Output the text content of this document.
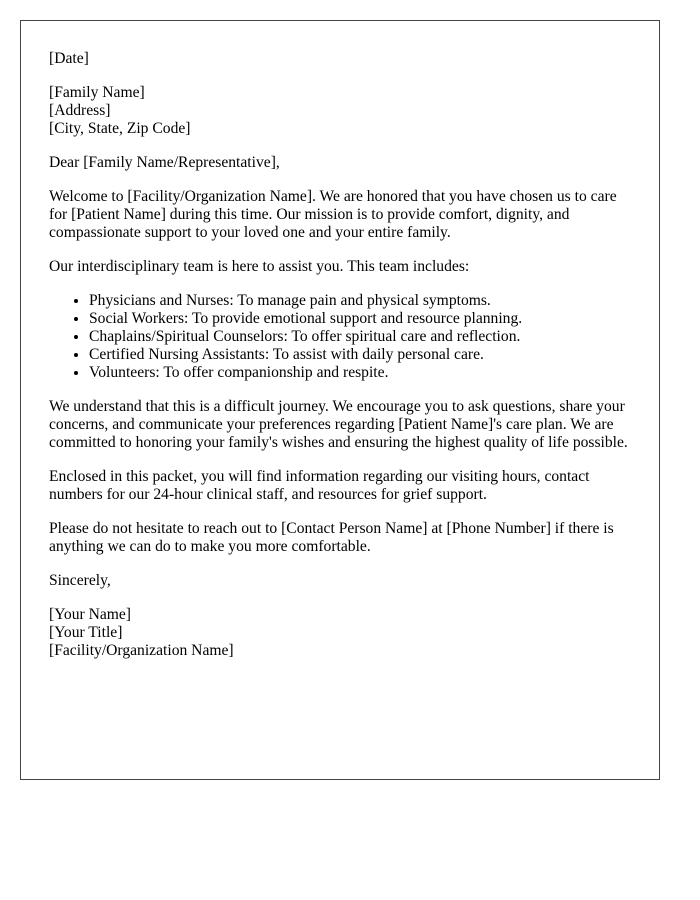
[Date]
[Family Name]
[Address]
[City, State, Zip Code]
Dear [Family Name/Representative],

Welcome to [Facility/Organization Name]. We are honored that you have chosen us to care for [Patient Name] during this time. Our mission is to provide comfort, dignity, and compassionate support to your loved one and your entire family.

Our interdisciplinary team is here to assist you. This team includes:

• Physicians and Nurses: To manage pain and physical symptoms.
• Social Workers: To provide emotional support and resource planning.
• Chaplains/Spiritual Counselors: To offer spiritual care and reflection.
• Certified Nursing Assistants: To assist with daily personal care.
• Volunteers: To offer companionship and respite.

We understand that this is a difficult journey. We encourage you to ask questions, share your concerns, and communicate your preferences regarding [Patient Name]'s care plan. We are committed to honoring your family's wishes and ensuring the highest quality of life possible.

Enclosed in this packet, you will find information regarding our visiting hours, contact numbers for our 24-hour clinical staff, and resources for grief support.

Please do not hesitate to reach out to [Contact Person Name] at [Phone Number] if there is anything we can do to make you more comfortable.

Sincerely,
[Your Name]
[Your Title]
[Facility/Organization Name]
